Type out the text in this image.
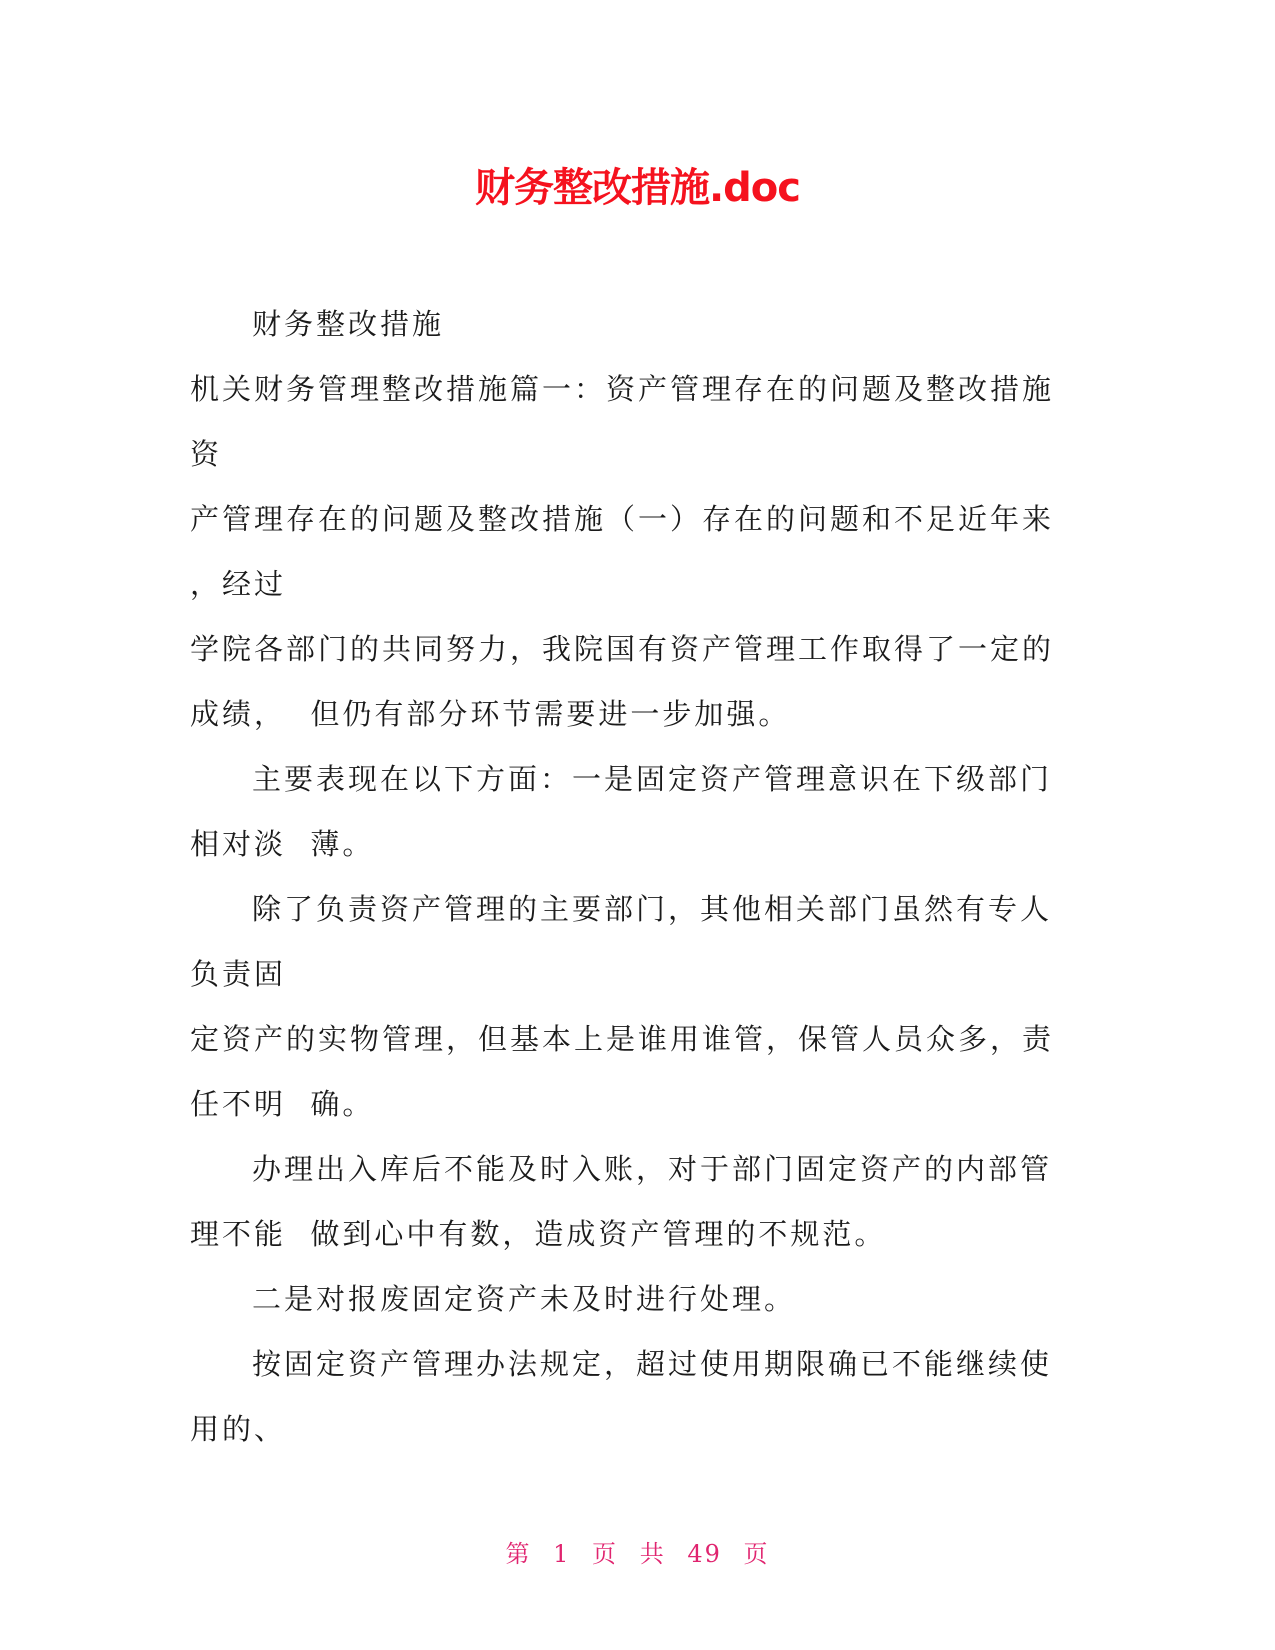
财务整改措施.doc
财务整改措施
机关财务管理整改措施篇一：资产管理存在的问题及整改措施
资
产管理存在的问题及整改措施（一）存在的问题和不足近年来
，经过
学院各部门的共同努力，我院国有资产管理工作取得了一定的
成绩，  但仍有部分环节需要进一步加强。
主要表现在以下方面：一是固定资产管理意识在下级部门
相对淡  薄。
除了负责资产管理的主要部门，其他相关部门虽然有专人
负责固
定资产的实物管理，但基本上是谁用谁管，保管人员众多，责
任不明  确。
办理出入库后不能及时入账，对于部门固定资产的内部管
理不能  做到心中有数，造成资产管理的不规范。
二是对报废固定资产未及时进行处理。
按固定资产管理办法规定，超过使用期限确已不能继续使
用的、
第 1 页 共 49 页
